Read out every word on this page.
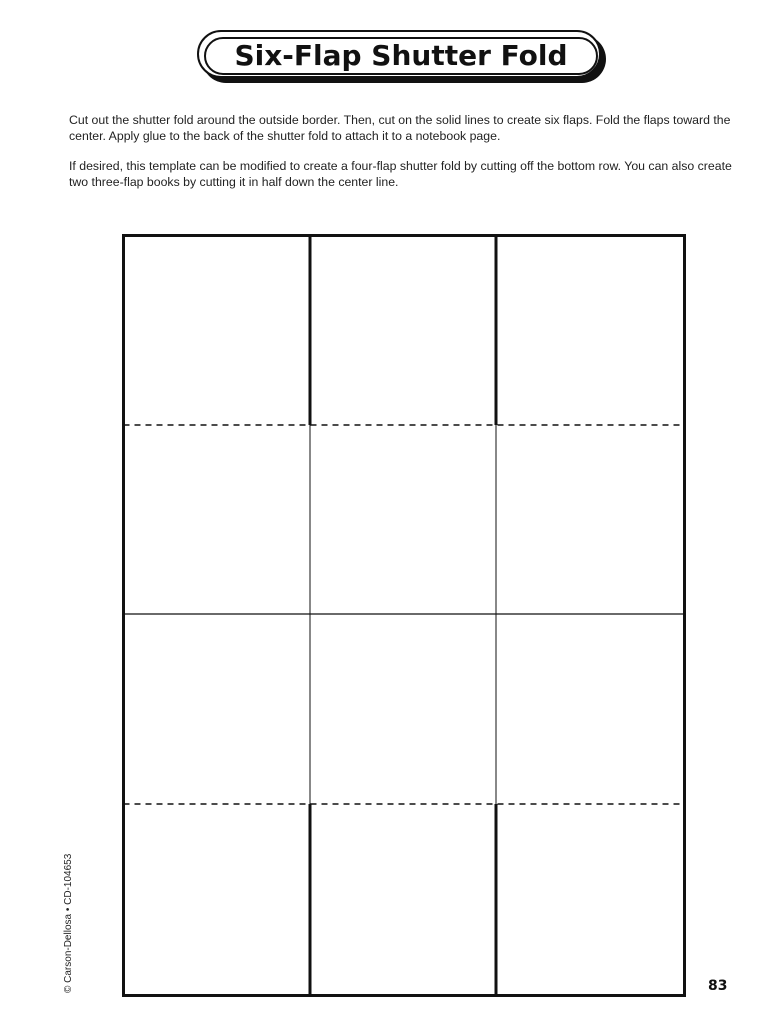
Six-Flap Shutter Fold

Cut out the shutter fold around the outside border. Then, cut on the solid lines to create six flaps. Fold the flaps toward the center. Apply glue to the back of the shutter fold to attach it to a notebook page.

If desired, this template can be modified to create a four-flap shutter fold by cutting off the bottom row. You can also create two three-flap books by cutting it in half down the center line.

© Carson-Dellosa • CD-104653	83
